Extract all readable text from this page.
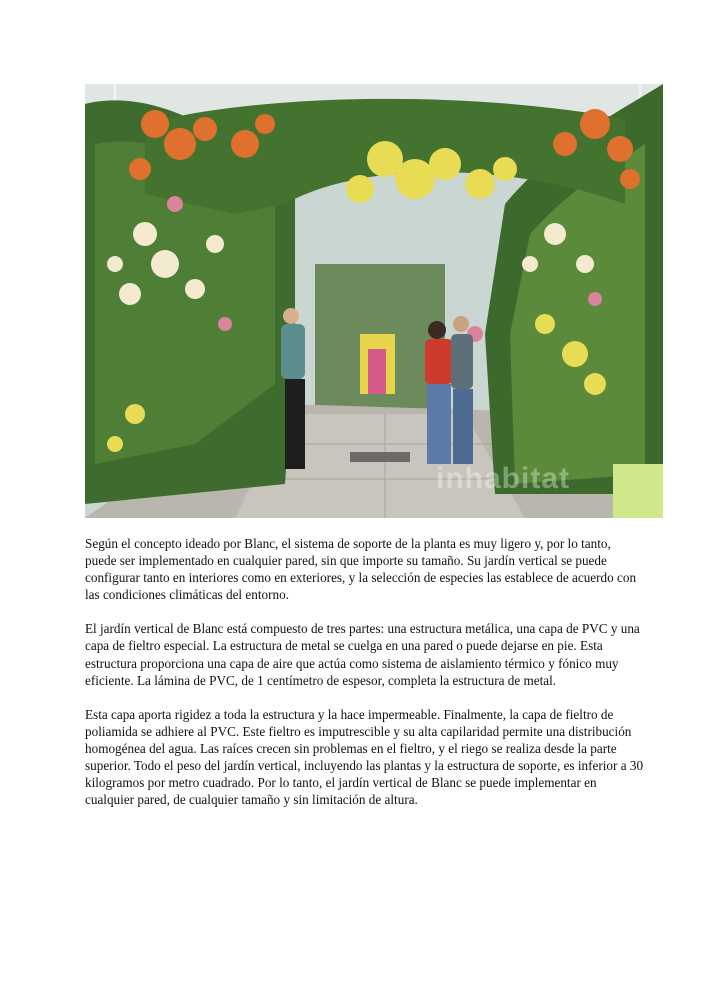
inhabitat

Según el concepto ideado por Blanc, el sistema de soporte de la planta es muy ligero y, por lo tanto, puede ser implementado en cualquier pared, sin que importe su tamaño. Su jardín vertical se puede configurar tanto en interiores como en exteriores, y la selección de especies las establece de acuerdo con las condiciones climáticas del entorno.

El jardín vertical de Blanc está compuesto de tres partes: una estructura metálica, una capa de PVC y una capa de fieltro especial. La estructura de metal se cuelga en una pared o puede dejarse en pie. Esta estructura proporciona una capa de aire que actúa como sistema de aislamiento térmico y fónico muy eficiente. La lámina de PVC, de 1 centímetro de espesor, completa la estructura de metal.

Esta capa aporta rigidez a toda la estructura y la hace impermeable. Finalmente, la capa de fieltro de poliamida se adhiere al PVC. Este fieltro es imputrescible y su alta capilaridad permite una distribución homogénea del agua. Las raíces crecen sin problemas en el fieltro, y el riego se realiza desde la parte superior. Todo el peso del jardín vertical, incluyendo las plantas y la estructura de soporte, es inferior a 30 kilogramos por metro cuadrado. Por lo tanto, el jardín vertical de Blanc se puede implementar en cualquier pared, de cualquier tamaño y sin limitación de altura.
